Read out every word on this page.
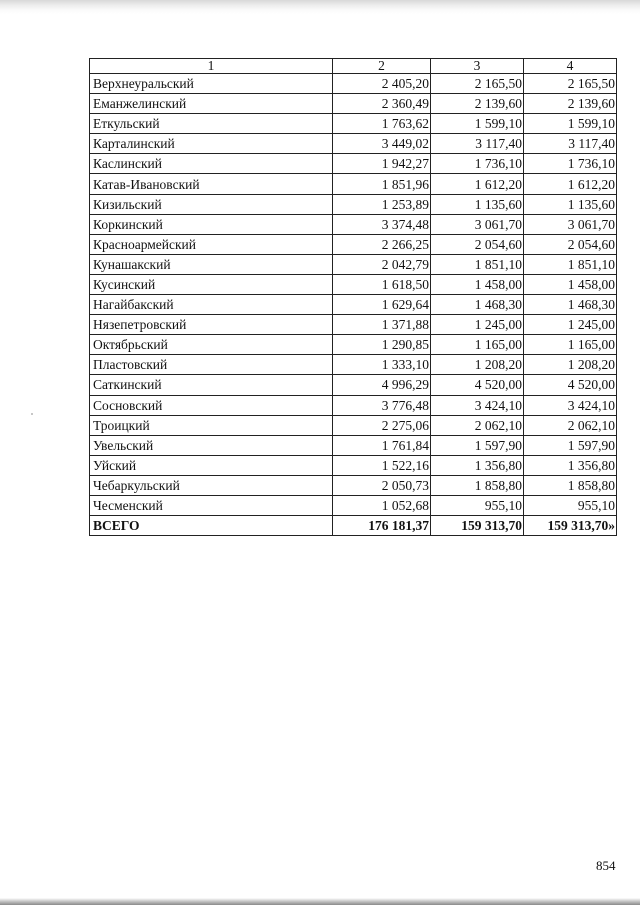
1	2	3	4
Верхнеуральский	2 405,20	2 165,50	2 165,50
Еманжелинский	2 360,49	2 139,60	2 139,60
Еткульский	1 763,62	1 599,10	1 599,10
Карталинский	3 449,02	3 117,40	3 117,40
Каслинский	1 942,27	1 736,10	1 736,10
Катав-Ивановский	1 851,96	1 612,20	1 612,20
Кизильский	1 253,89	1 135,60	1 135,60
Коркинский	3 374,48	3 061,70	3 061,70
Красноармейский	2 266,25	2 054,60	2 054,60
Кунашакский	2 042,79	1 851,10	1 851,10
Кусинский	1 618,50	1 458,00	1 458,00
Нагайбакский	1 629,64	1 468,30	1 468,30
Нязепетровский	1 371,88	1 245,00	1 245,00
Октябрьский	1 290,85	1 165,00	1 165,00
Пластовский	1 333,10	1 208,20	1 208,20
Саткинский	4 996,29	4 520,00	4 520,00
Сосновский	3 776,48	3 424,10	3 424,10
Троицкий	2 275,06	2 062,10	2 062,10
Увельский	1 761,84	1 597,90	1 597,90
Уйский	1 522,16	1 356,80	1 356,80
Чебаркульский	2 050,73	1 858,80	1 858,80
Чесменский	1 052,68	955,10	955,10
ВСЕГО	176 181,37	159 313,70	159 313,70»
854
